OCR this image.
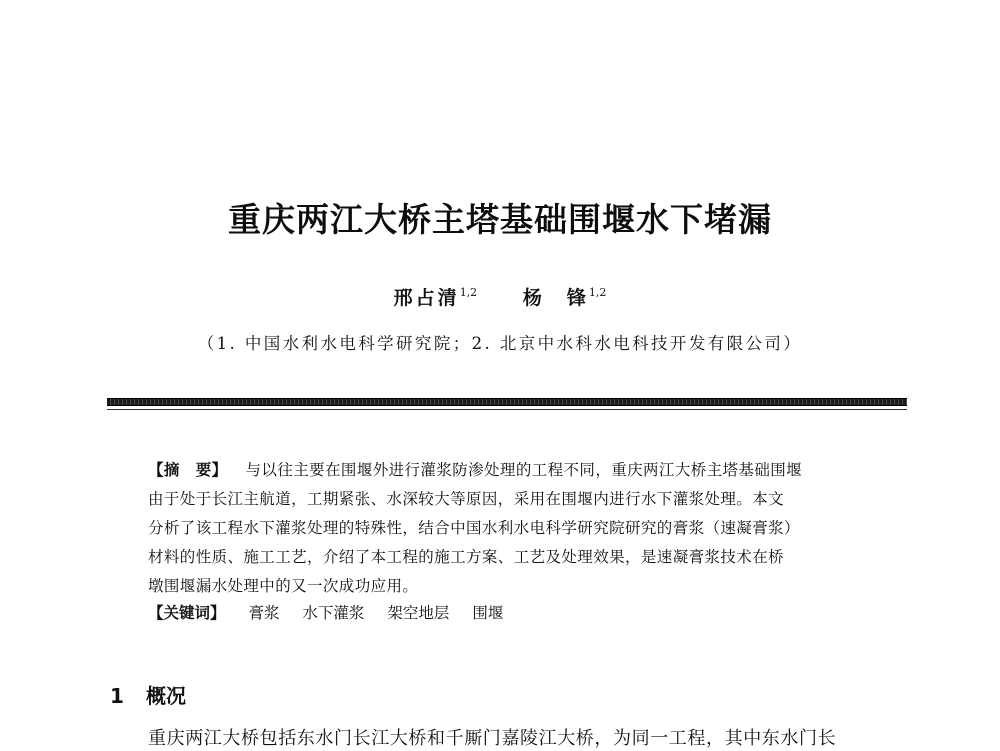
重庆两江大桥主塔基础围堰水下堵漏
邢占清$^{1,2}$ 杨　锋$^{1,2}$
（1. 中国水利水电科学研究院；2. 北京中水科水电科技开发有限公司）
【摘　要】 与以往主要在围堰外进行灌浆防渗处理的工程不同，重庆两江大桥主塔基础围堰
由于处于长江主航道，工期紧张、水深较大等原因，采用在围堰内进行水下灌浆处理。本文
分析了该工程水下灌浆处理的特殊性，结合中国水利水电科学研究院研究的膏浆（速凝膏浆）
材料的性质、施工工艺，介绍了本工程的施工方案、工艺及处理效果，是速凝膏浆技术在桥
墩围堰漏水处理中的又一次成功应用。
【关键词】 膏浆 水下灌浆 架空地层 围堰
1 概况
重庆两江大桥包括东水门长江大桥和千厮门嘉陵江大桥，为同一工程，其中东水门长
